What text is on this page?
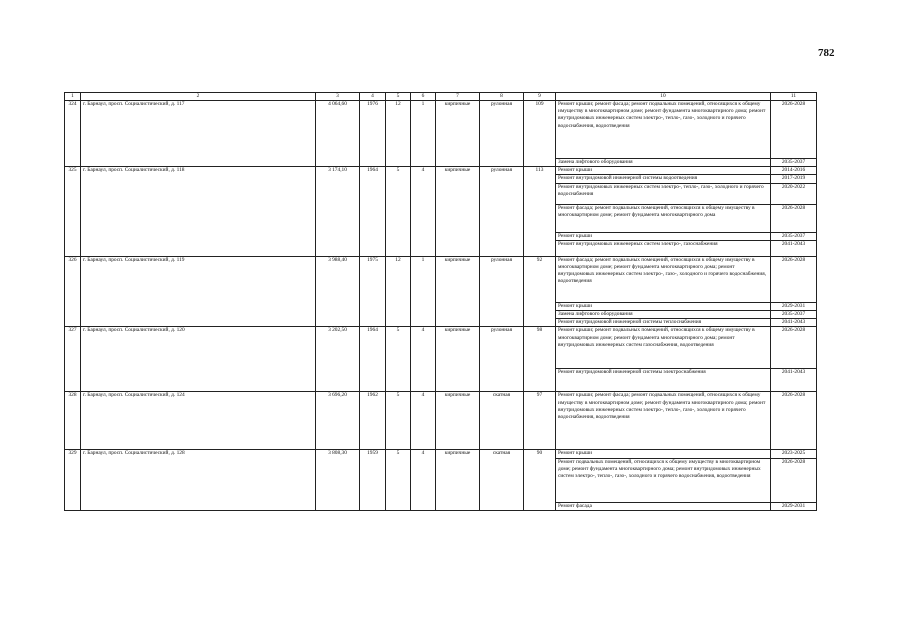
782
1	2	3	4	5	6	7	8	9	10	11
324	г. Барнаул, просп. Социалистический, д. 117	4 064,60	1976	12	1	кирпичные	рулонная	109	Ремонт крыши; ремонт фасада; ремонт подвальных помещений, относящихся к общему имуществу в многоквартирном доме; ремонт фундамента многоквартирного дома; ремонт внутридомовых инженерных систем электро-, тепло-, газо-, холодного и горячего водоснабжения, водоотведения	2026-2028
									Замена лифтового оборудования	2035-2037
325	г. Барнаул, просп. Социалистический, д. 118	3 174,10	1964	5	4	кирпичные	рулонная	113	Ремонт крыши	2014-2016
									Ремонт внутридомовой инженерной системы водоотведения	2017-2019
									Ремонт внутридомовых инженерных систем электро-, тепло-, газо-, холодного и горячего водоснабжения	2020-2022
									Ремонт фасада; ремонт подвальных помещений, относящихся к общему имуществу в многоквартирном доме; ремонт фундамента многоквартирного дома	2026-2028
									Ремонт крыши	2035-2037
									Ремонт внутридомовых инженерных систем электро-, газоснабжения	2041-2043
326	г. Барнаул, просп. Социалистический, д. 119	3 988,40	1975	12	1	кирпичные	рулонная	92	Ремонт фасада; ремонт подвальных помещений, относящихся к общему имуществу в многоквартирном доме; ремонт фундамента многоквартирного дома; ремонт внутридомовых инженерных систем электро-, газо-, холодного и горячего водоснабжения, водоотведения	2026-2028
									Ремонт крыши	2029-2031
									Замена лифтового оборудования	2035-2037
									Ремонт внутридомовой инженерной системы теплоснабжения	2041-2043
327	г. Барнаул, просп. Социалистический, д. 120	3 202,50	1964	5	4	кирпичные	рулонная	98	Ремонт крыши; ремонт подвальных помещений, относящихся к общему имуществу в многоквартирном доме; ремонт фундамента многоквартирного дома; ремонт внутридомовых инженерных систем газоснабжения, водоотведения	2026-2028
									Ремонт внутридомовой инженерной системы электроснабжения	2041-2043
328	г. Барнаул, просп. Социалистический, д. 124	3 696,20	1962	5	4	кирпичные	скатная	97	Ремонт крыши; ремонт фасада; ремонт подвальных помещений, относящихся к общему имуществу в многоквартирном доме; ремонт фундамента многоквартирного дома; ремонт внутридомовых инженерных систем электро-, тепло-, газо-, холодного и горячего водоснабжения, водоотведения	2026-2028
329	г. Барнаул, просп. Социалистический, д. 128	3 808,30	1959	5	4	кирпичные	скатная	90	Ремонт крыши	2023-2025
									Ремонт подвальных помещений, относящихся к общему имуществу в многоквартирном доме; ремонт фундамента многоквартирного дома; ремонт внутридомовых инженерных систем электро-, тепло-, газо-, холодного и горячего водоснабжения, водоотведения	2026-2028
									Ремонт фасада	2029-2031
